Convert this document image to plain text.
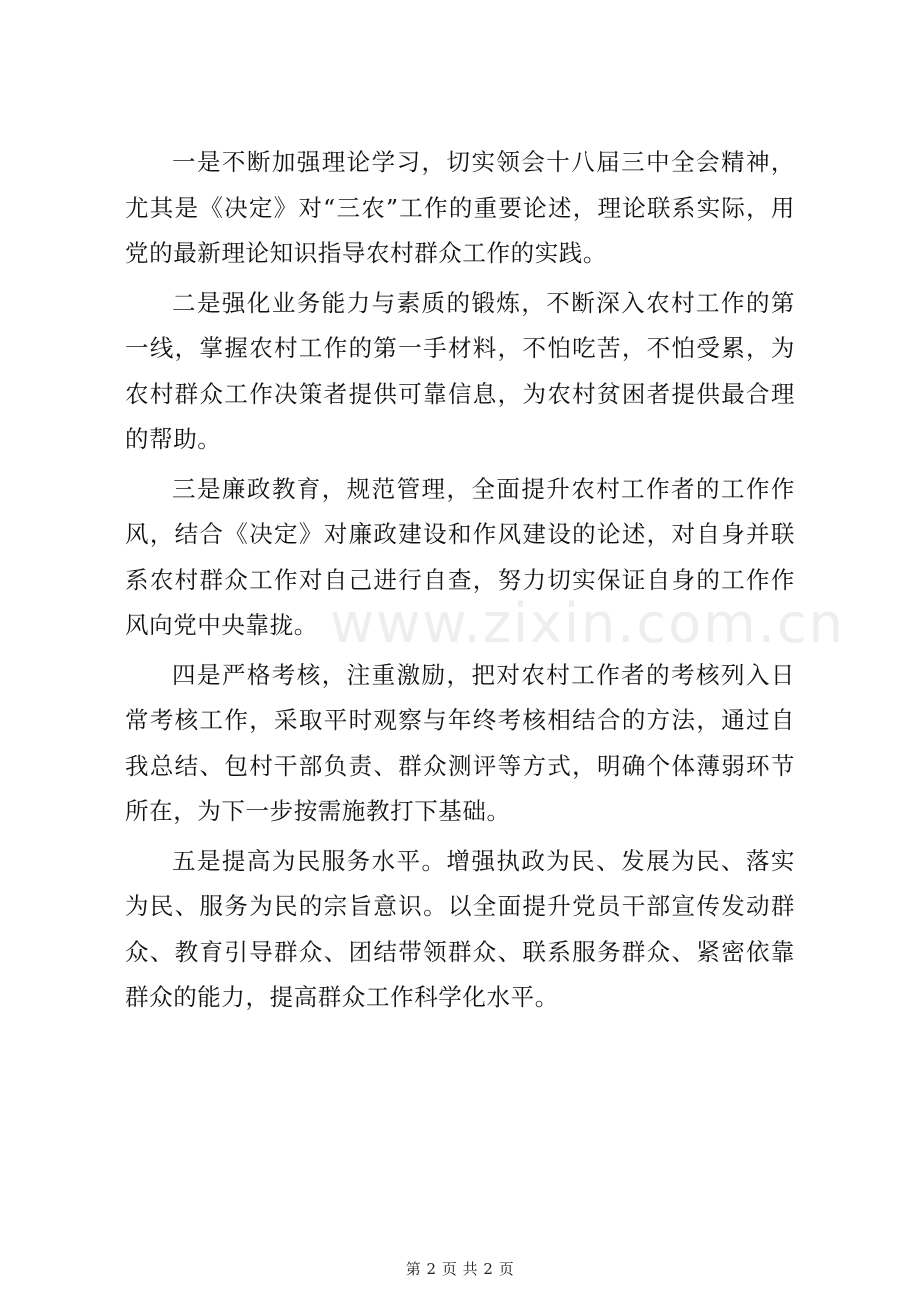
一是不断加强理论学习，切实领会十八届三中全会精神，尤其是《决定》对“三农”工作的重要论述，理论联系实际，用党的最新理论知识指导农村群众工作的实践。

二是强化业务能力与素质的锻炼，不断深入农村工作的第一线，掌握农村工作的第一手材料，不怕吃苦，不怕受累，为农村群众工作决策者提供可靠信息，为农村贫困者提供最合理的帮助。

三是廉政教育，规范管理，全面提升农村工作者的工作作风，结合《决定》对廉政建设和作风建设的论述，对自身并联系农村群众工作对自己进行自查，努力切实保证自身的工作作风向党中央靠拢。

四是严格考核，注重激励，把对农村工作者的考核列入日常考核工作，采取平时观察与年终考核相结合的方法，通过自我总结、包村干部负责、群众测评等方式，明确个体薄弱环节所在，为下一步按需施教打下基础。

五是提高为民服务水平。增强执政为民、发展为民、落实为民、服务为民的宗旨意识。以全面提升党员干部宣传发动群众、教育引导群众、团结带领群众、联系服务群众、紧密依靠群众的能力，提高群众工作科学化水平。

www.zixin.com.cn
第 2 页 共 2 页
